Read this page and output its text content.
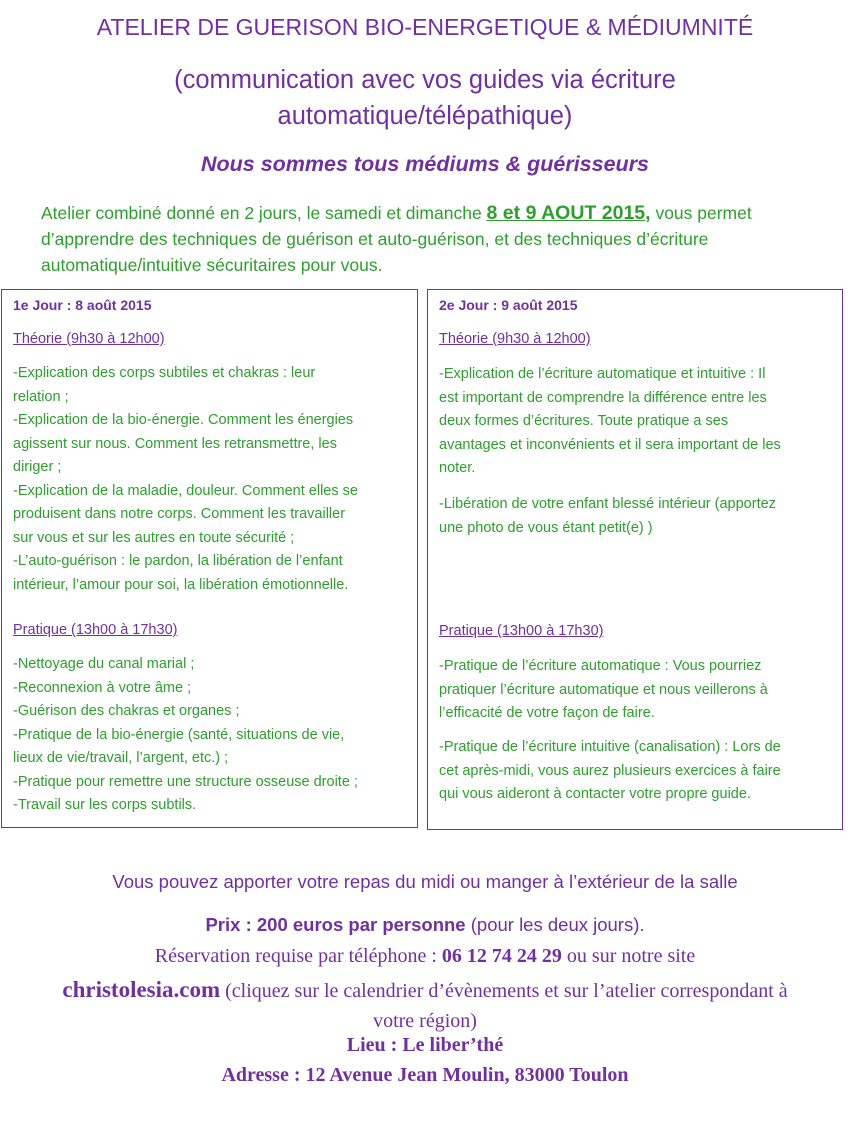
ATELIER DE GUERISON BIO-ENERGETIQUE & MÉDIUMNITÉ
(communication avec vos guides via écriture
automatique/télépathique)
Nous sommes tous médiums & guérisseurs
Atelier combiné donné en 2 jours, le samedi et dimanche 8 et 9 AOUT 2015, vous permet
d’apprendre des techniques de guérison et auto-guérison, et des techniques d’écriture
automatique/intuitive sécuritaires pour vous.
1e Jour : 8 août 2015
Théorie (9h30 à 12h00)
-Explication des corps subtiles et chakras : leur
relation ;
-Explication de la bio-énergie. Comment les énergies
agissent sur nous. Comment les retransmettre, les
diriger ;
-Explication de la maladie, douleur. Comment elles se
produisent dans notre corps. Comment les travailler
sur vous et sur les autres en toute sécurité ;
-L’auto-guérison : le pardon, la libération de l’enfant
intérieur, l’amour pour soi, la libération émotionnelle.
Pratique (13h00 à 17h30)
-Nettoyage du canal marial ;
-Reconnexion à votre âme ;
-Guérison des chakras et organes ;
-Pratique de la bio-énergie (santé, situations de vie,
lieux de vie/travail, l’argent, etc.) ;
-Pratique pour remettre une structure osseuse droite ;
-Travail sur les corps subtils.
2e Jour : 9 août 2015
Théorie (9h30 à 12h00)
-Explication de l’écriture automatique et intuitive : Il
est important de comprendre la différence entre les
deux formes d’écritures. Toute pratique a ses
avantages et inconvénients et il sera important de les
noter.
-Libération de votre enfant blessé intérieur (apportez
une photo de vous étant petit(e) )
Pratique (13h00 à 17h30)
-Pratique de l’écriture automatique : Vous pourriez
pratiquer l’écriture automatique et nous veillerons à
l’efficacité de votre façon de faire.
-Pratique de l’écriture intuitive (canalisation) : Lors de
cet après-midi, vous aurez plusieurs exercices à faire
qui vous aideront à contacter votre propre guide.
Vous pouvez apporter votre repas du midi ou manger à l’extérieur de la salle
Prix : 200 euros par personne (pour les deux jours).
Réservation requise par téléphone : 06 12 74 24 29 ou sur notre site
christolesia.com (cliquez sur le calendrier d’évènements et sur l’atelier correspondant à votre région)
Lieu : Le liber’thé
Adresse : 12 Avenue Jean Moulin, 83000 Toulon
